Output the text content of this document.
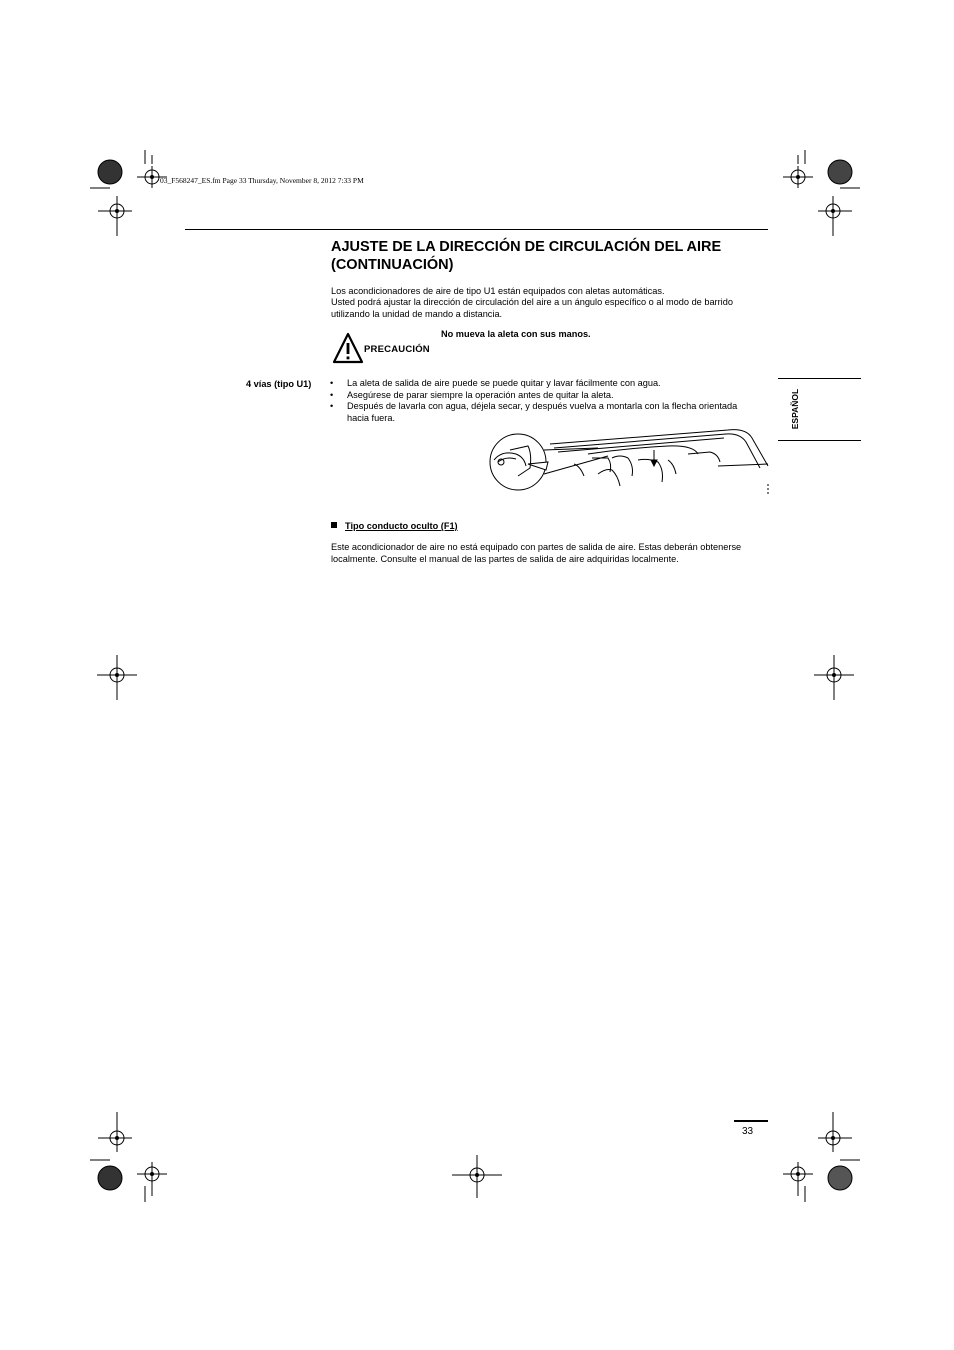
03_F568247_ES.fm Page 33 Thursday, November 8, 2012 7:33 PM
AJUSTE DE LA DIRECCIÓN DE CIRCULACIÓN DEL AIRE (CONTINUACIÓN)
Los acondicionadores de aire de tipo U1 están equipados con aletas automáticas.
Usted podrá ajustar la dirección de circulación del aire a un ángulo específico o al modo de barrido utilizando la unidad de mando a distancia.
PRECAUCIÓN
No mueva la aleta con sus manos.
4 vías (tipo U1) • La aleta de salida de aire puede se puede quitar y lavar fácilmente con agua.
• Asegúrese de parar siempre la operación antes de quitar la aleta.
• Después de lavarla con agua, déjela secar, y después vuelva a montarla con la flecha orientada hacia fuera.	ESPAÑOL
Tipo conducto oculto (F1)
Este acondicionador de aire no está equipado con partes de salida de aire. Estas deberán obtenerse localmente. Consulte el manual de las partes de salida de aire adquiridas localmente.
33
